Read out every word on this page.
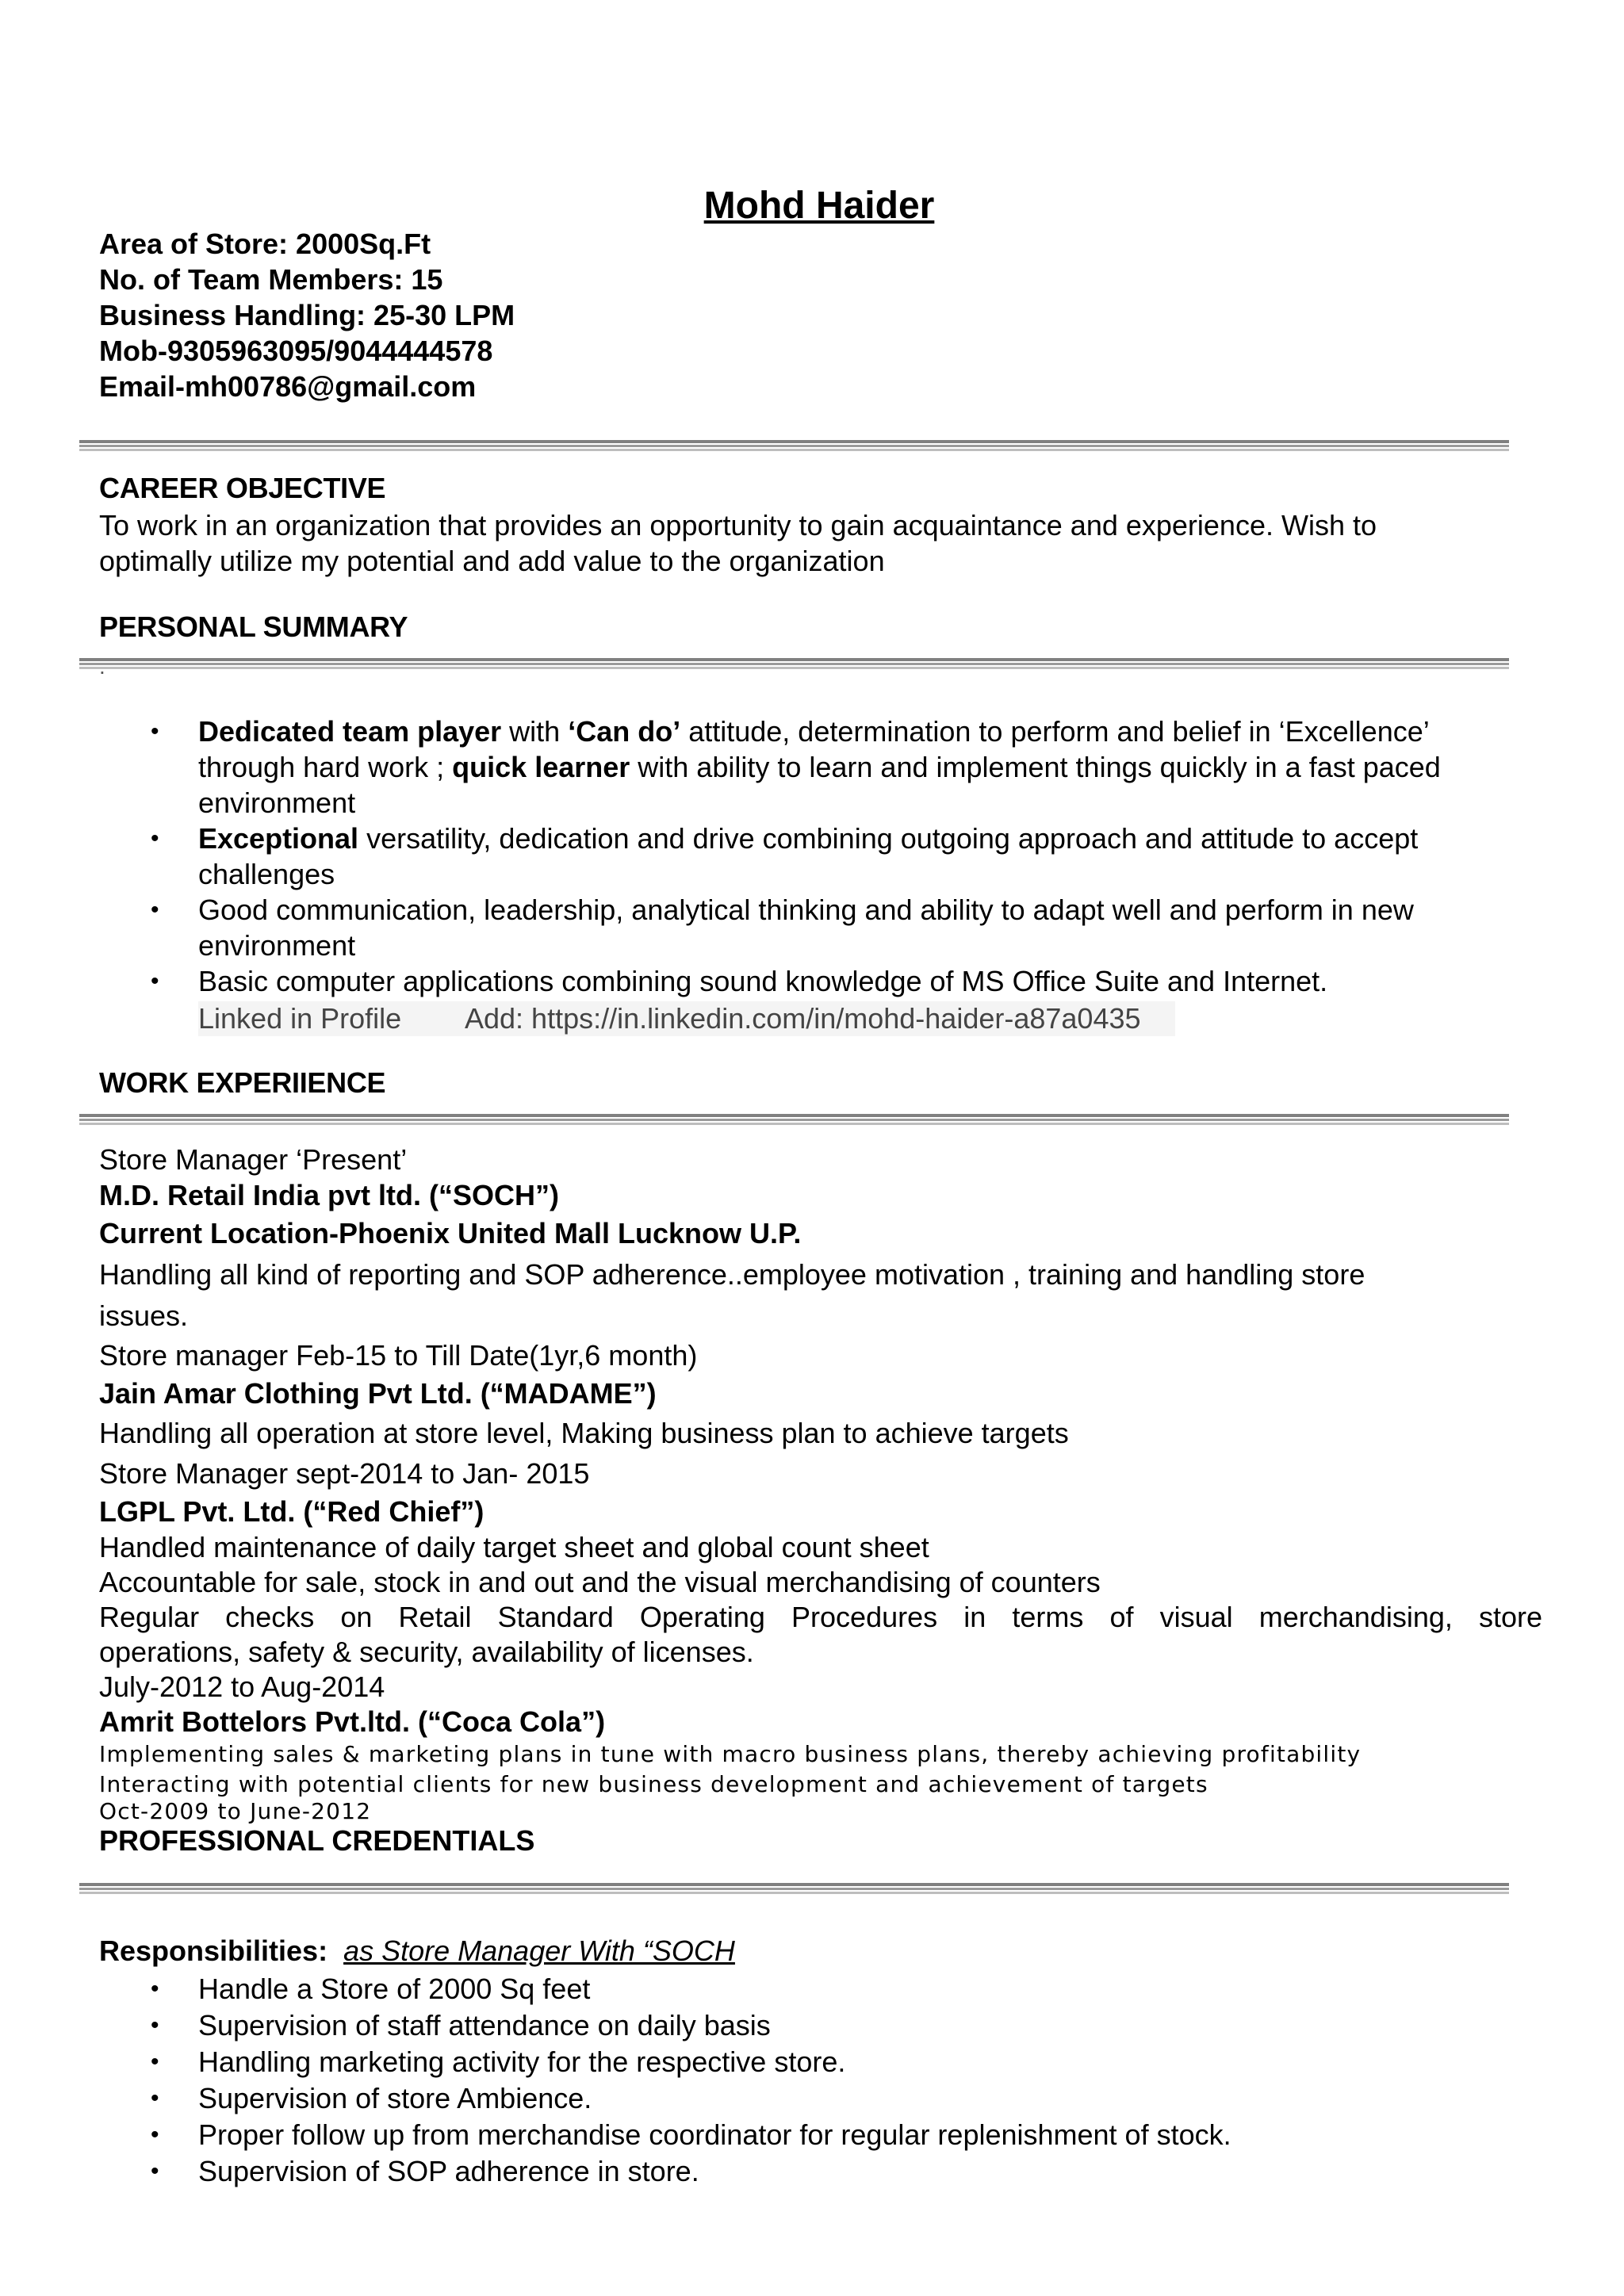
Mohd Haider
Area of Store: 2000Sq.Ft
No. of Team Members: 15
Business Handling: 25-30 LPM
Mob-9305963095/9044444578
Email-mh00786@gmail.com
CAREER OBJECTIVE
To work in an organization that provides an opportunity to gain acquaintance and experience. Wish to
optimally utilize my potential and add value to the organization
PERSONAL SUMMARY
.
• Dedicated team player with ‘Can do’ attitude, determination to perform and belief in ‘Excellence’
through hard work ; quick learner with ability to learn and implement things quickly in a fast paced
environment
• Exceptional versatility, dedication and drive combining outgoing approach and attitude to accept
challenges
• Good communication, leadership, analytical thinking and ability to adapt well and perform in new
environment
• Basic computer applications combining sound knowledge of MS Office Suite and Internet.
Linked in Profile Add: https://in.linkedin.com/in/mohd-haider-a87a0435
WORK EXPERIIENCE
Store Manager ‘Present’
M.D. Retail India pvt ltd. (“SOCH”)
Current Location-Phoenix United Mall Lucknow U.P.
Handling all kind of reporting and SOP adherence..employee motivation , training and handling store
issues.
Store manager Feb-15 to Till Date(1yr,6 month)
Jain Amar Clothing Pvt Ltd. (“MADAME”)
Handling all operation at store level, Making business plan to achieve targets
Store Manager sept-2014 to Jan- 2015
LGPL Pvt. Ltd. (“Red Chief”)
Handled maintenance of daily target sheet and global count sheet
Accountable for sale, stock in and out and the visual merchandising of counters
Regular checks on Retail Standard Operating Procedures in terms of visual merchandising, store
operations, safety & security, availability of licenses.
July-2012 to Aug-2014
Amrit Bottelors Pvt.ltd. (“Coca Cola”)
Implementing sales & marketing plans in tune with macro business plans, thereby achieving profitability
Interacting with potential clients for new business development and achievement of targets
Oct-2009 to June-2012
PROFESSIONAL CREDENTIALS
Responsibilities: as Store Manager With “SOCH
• Handle a Store of 2000 Sq feet
• Supervision of staff attendance on daily basis
• Handling marketing activity for the respective store.
• Supervision of store Ambience.
• Proper follow up from merchandise coordinator for regular replenishment of stock.
• Supervision of SOP adherence in store.
